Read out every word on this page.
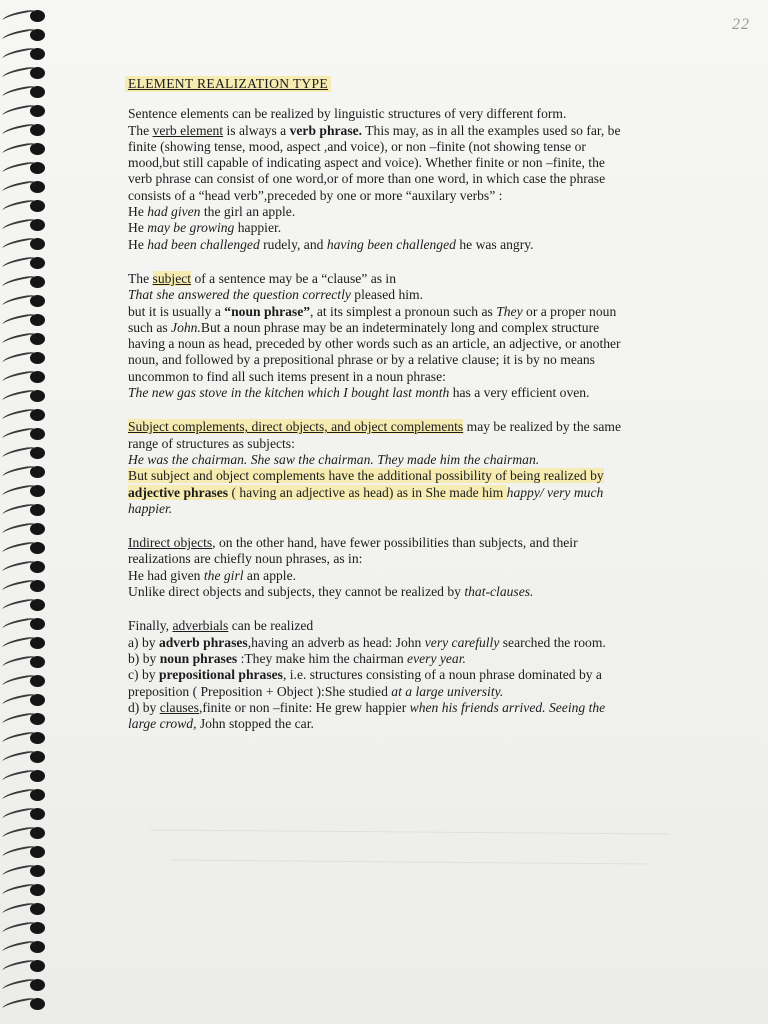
22
ELEMENT REALIZATION TYPE

Sentence elements can be realized by linguistic structures of very different form.

The verb element is always a verb phrase. This may, as in all the examples used so far, be

finite (showing tense, mood, aspect ,and voice), or non –finite (not showing tense or

mood,but still capable of indicating aspect and voice). Whether finite or non –finite, the

verb phrase can consist of one word,or of more than one word, in which case the phrase

consists of a “head verb”,preceded by one or more “auxilary verbs” :

He had given the girl an apple.

He may be growing happier.

He had been challenged rudely, and having been challenged he was angry.

The subject of a sentence may be a “clause” as in

That she answered the question correctly pleased him.

but it is usually a “noun phrase”, at its simplest a pronoun such as They or a proper noun

such as John.But a noun phrase may be an indeterminately long and complex structure

having a noun as head, preceded by other words such as an article, an adjective, or another

noun, and followed by a prepositional phrase or by a relative clause; it is by no means

uncommon to find all such items present in a noun phrase:

The new gas stove in the kitchen which I bought last month has a very efficient oven.

Subject complements, direct objects, and object complements may be realized by the same

range of structures as subjects:

He was the chairman. She saw the chairman. They made him the chairman.

But subject and object complements have the additional possibility of being realized by

adjective phrases ( having an adjective as head) as in She made him happy/ very much

happier.

Indirect objects, on the other hand, have fewer possibilities than subjects, and their

realizations are chiefly noun phrases, as in:

He had given the girl an apple.

Unlike direct objects and subjects, they cannot be realized by that-clauses.

Finally, adverbials can be realized

a) by adverb phrases,having an adverb as head: John very carefully searched the room.

b) by noun phrases :They make him the chairman every year.

c) by prepositional phrases, i.e. structures consisting of a noun phrase dominated by a

preposition ( Preposition + Object ):She studied at a large university.

d) by clauses,finite or non –finite: He grew happier when his friends arrived. Seeing the

large crowd, John stopped the car.
